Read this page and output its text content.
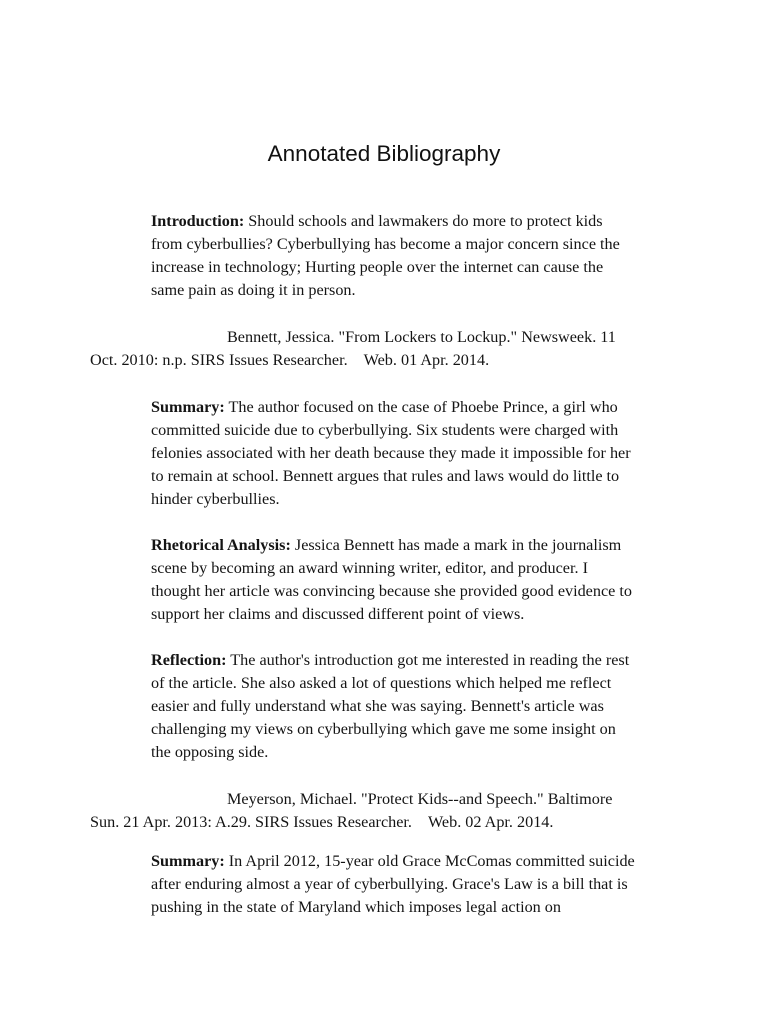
Annotated Bibliography

Introduction: Should schools and lawmakers do more to protect kids
from cyberbullies? Cyberbullying has become a major concern since the
increase in technology; Hurting people over the internet can cause the
same pain as doing it in person.

Bennett, Jessica. "From Lockers to Lockup." Newsweek. 11
Oct. 2010: n.p. SIRS Issues Researcher. Web. 01 Apr. 2014.

Summary: The author focused on the case of Phoebe Prince, a girl who
committed suicide due to cyberbullying. Six students were charged with
felonies associated with her death because they made it impossible for her
to remain at school. Bennett argues that rules and laws would do little to
hinder cyberbullies.

Rhetorical Analysis: Jessica Bennett has made a mark in the journalism
scene by becoming an award winning writer, editor, and producer. I
thought her article was convincing because she provided good evidence to
support her claims and discussed different point of views.

Reflection: The author's introduction got me interested in reading the rest
of the article. She also asked a lot of questions which helped me reflect
easier and fully understand what she was saying. Bennett's article was
challenging my views on cyberbullying which gave me some insight on
the opposing side.

Meyerson, Michael. "Protect Kids--and Speech." Baltimore
Sun. 21 Apr. 2013: A.29. SIRS Issues Researcher. Web. 02 Apr. 2014.

Summary: In April 2012, 15-year old Grace McComas committed suicide
after enduring almost a year of cyberbullying. Grace's Law is a bill that is
pushing in the state of Maryland which imposes legal action on
